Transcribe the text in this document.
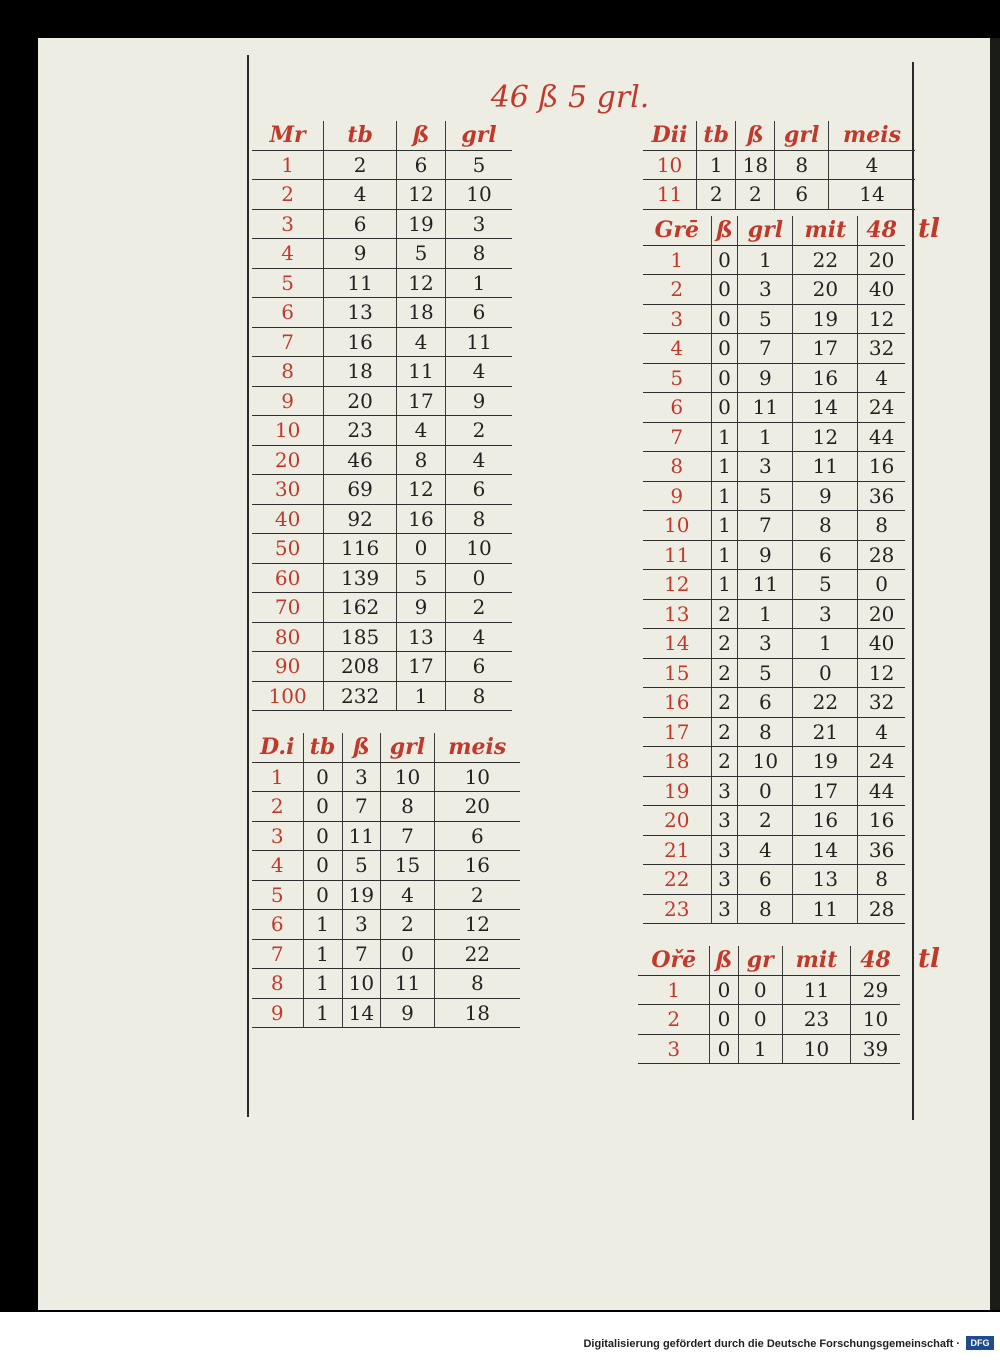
46 ß 5 grl.
Mr	tb	ß	grl
1	2	6	5
2	4	12	10
3	6	19	3
4	9	5	8
5	11	12	1
6	13	18	6
7	16	4	11
8	18	11	4
9	20	17	9
10	23	4	2
20	46	8	4
30	69	12	6
40	92	16	8
50	116	0	10
60	139	5	0
70	162	9	2
80	185	13	4
90	208	17	6
100	232	1	8
D.i	tb	ß	grl	meis
1	0	3	10	10
2	0	7	8	20
3	0	11	7	6
4	0	5	15	16
5	0	19	4	2
6	1	3	2	12
7	1	7	0	22
8	1	10	11	8
9	1	14	9	18
Dii	tb	ß	grl	meis
10	1	18	8	4
11	2	2	6	14
Grē	ß	grl	mit	48
1	0	1	22	20
2	0	3	20	40
3	0	5	19	12
4	0	7	17	32
5	0	9	16	4
6	0	11	14	24
7	1	1	12	44
8	1	3	11	16
9	1	5	9	36
10	1	7	8	8
11	1	9	6	28
12	1	11	5	0
13	2	1	3	20
14	2	3	1	40
15	2	5	0	12
16	2	6	22	32
17	2	8	21	4
18	2	10	19	24
19	3	0	17	44
20	3	2	16	16
21	3	4	14	36
22	3	6	13	8
23	3	8	11	28
Ořē	ß	gr	mit	48
1	0	0	11	29
2	0	0	23	10
3	0	1	10	39
tl
tl
Digitalisierung gefördert durch die Deutsche Forschungsgemeinschaft ·	DFG
